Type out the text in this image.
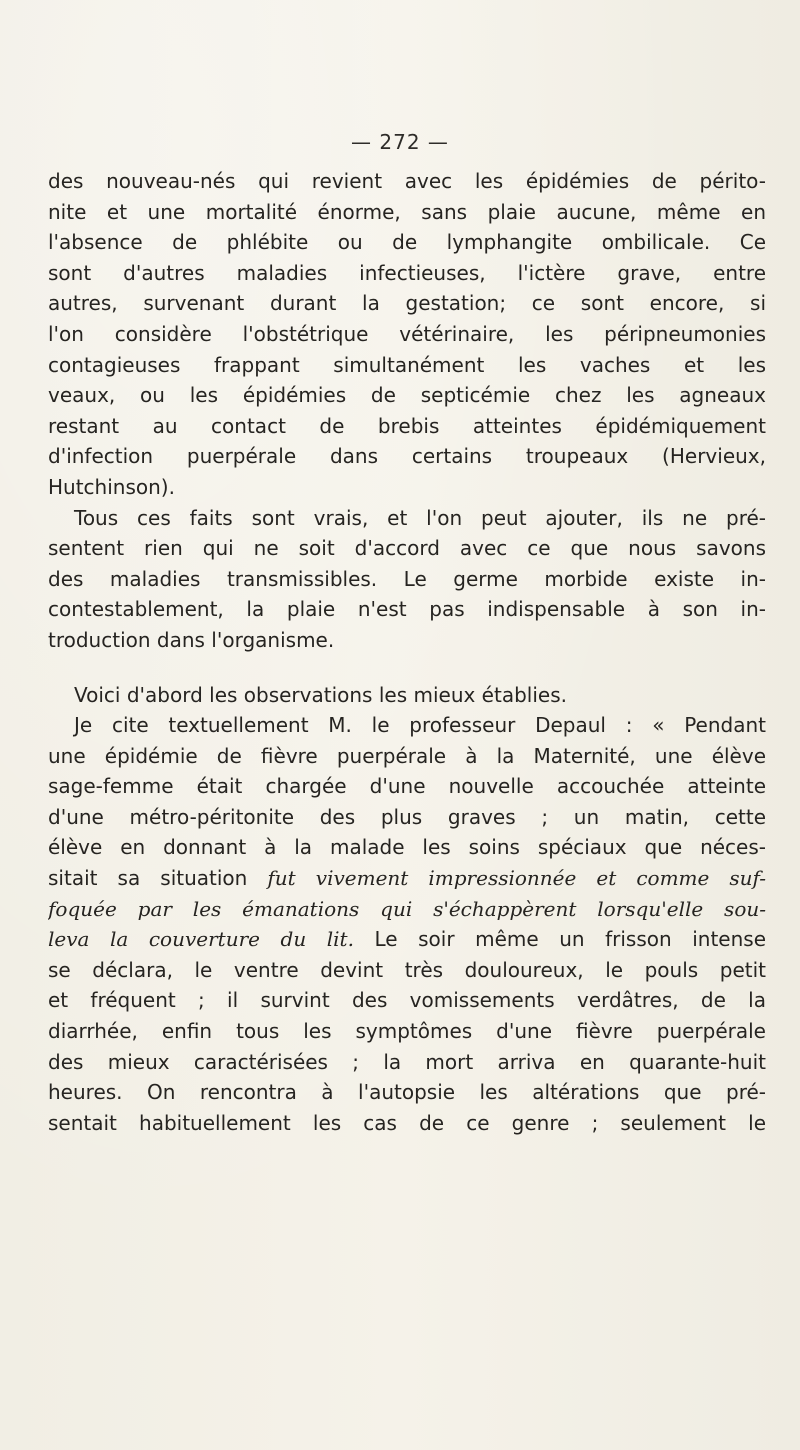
— 272 —
des nouveau-nés qui revient avec les épidémies de périto-
nite et une mortalité énorme, sans plaie aucune, même en
l'absence de phlébite ou de lymphangite ombilicale. Ce
sont d'autres maladies infectieuses, l'ictère grave, entre
autres, survenant durant la gestation; ce sont encore, si
l'on considère l'obstétrique vétérinaire, les péripneumonies
contagieuses frappant simultanément les vaches et les
veaux, ou les épidémies de septicémie chez les agneaux
restant au contact de brebis atteintes épidémiquement
d'infection puerpérale dans certains troupeaux (Hervieux,
Hutchinson).
Tous ces faits sont vrais, et l'on peut ajouter, ils ne pré-
sentent rien qui ne soit d'accord avec ce que nous savons
des maladies transmissibles. Le germe morbide existe in-
contestablement, la plaie n'est pas indispensable à son in-
troduction dans l'organisme.
Voici d'abord les observations les mieux établies.
Je cite textuellement M. le professeur Depaul : « Pendant
une épidémie de fièvre puerpérale à la Maternité, une élève
sage-femme était chargée d'une nouvelle accouchée atteinte
d'une métro-péritonite des plus graves ; un matin, cette
élève en donnant à la malade les soins spéciaux que néces-
sitait sa situation fut vivement impressionnée et comme suf-
foquée par les émanations qui s'échappèrent lorsqu'elle sou-
leva la couverture du lit. Le soir même un frisson intense
se déclara, le ventre devint très douloureux, le pouls petit
et fréquent ; il survint des vomissements verdâtres, de la
diarrhée, enfin tous les symptômes d'une fièvre puerpérale
des mieux caractérisées ; la mort arriva en quarante-huit
heures. On rencontra à l'autopsie les altérations que pré-
sentait habituellement les cas de ce genre ; seulement le
